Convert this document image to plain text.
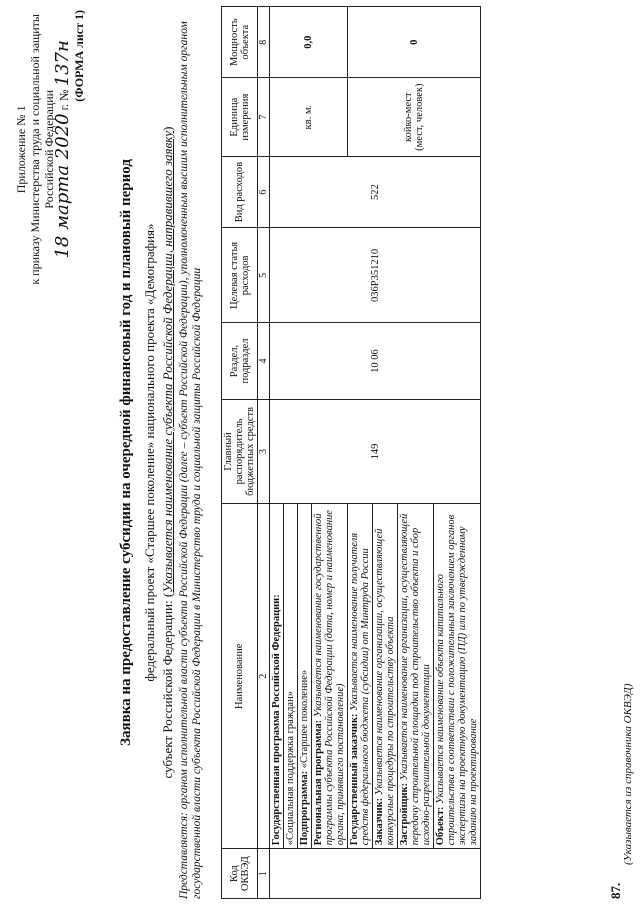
Приложение № 1 к приказу Министерства труда и социальной защиты Российской Федерации
18 марта 2020 г. № 137н (ФОРМА лист 1)
Заявка на предоставление субсидии на очередной финансовый год и плановый период федеральный проект «Старшее поколение» национального проекта «Демография»
субъект Российской Федерации: (Указывается наименование субъекта Российской Федерации, направившего заявку) Представляется: органом исполнительной власти субъекта Российской Федерации (далее – субъект Российской Федерации), уполномоченным высшим исполнительным органом государственной власти субъекта Российской Федерации в Министерство труда и социальной защиты Российской Федерации Код ОКВЭД	Наименование	Главный распорядитель бюджетных средств	Раздел, подраздел	Целевая статья расходов	Вид расходов	Единица измерения	Мощность объекта
1	2	3	4	5	6	7	8
	Государственная программа Российской Федерации:	149	10 06	036P351210	522	кв. м.	0,0
	«Социальная поддержка граждан»						
	Подпрограмма: «Старшее поколение»						
	Региональная программа: Указывается наименование государственной программы субъекта Российской Федерации (дата, номер и наименование органа, принявшего постановление)						
	Государственный заказчик: Указывается наименование получателя средств федерального бюджета (субсидии) от Минтруда России					койко-мест (мест, человек)	0
	Заказчик: Указывается наименование организации, осуществляющей конкурсные процедуры по строительству объекта						
	Застройщик: Указывается наименование организации, осуществляющей передачу строительной площадки под строительство объекта и сбор исходно-разрешительной документации						
	Объект: Указывается наименование объекта капитального строительства в соответствии с положительным заключением органов экспертизы на проектную документацию (ПД) или по утвержденному заданию на проектирование						
87.
(Указывается из справочника ОКВЭД)
